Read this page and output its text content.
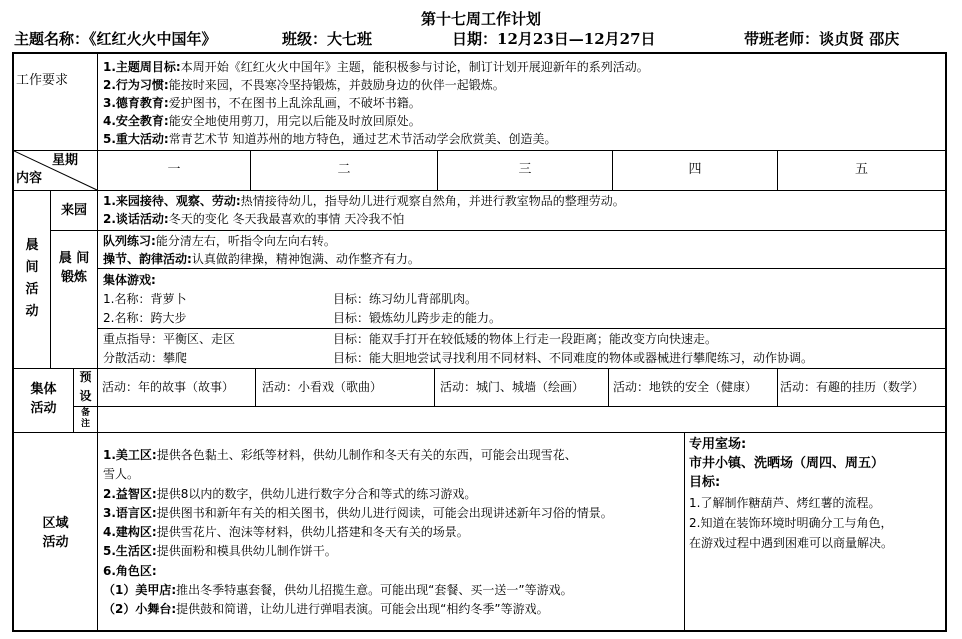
第十七周工作计划
主题名称：《红红火火中国年》	班级：大七班	日期：12月23日—12月27日	带班老师：谈贞贤 邵庆
工作要求
1.主题周目标:本周开始《红红火火中国年》主题，能积极参与讨论，制订计划开展迎新年的系列活动。
2.行为习惯:能按时来园，不畏寒冷坚持锻炼，并鼓励身边的伙伴一起锻炼。
3.德育教育:爱护图书，不在图书上乱涂乱画，不破坏书籍。
4.安全教育:能安全地使用剪刀，用完以后能及时放回原处。
5.重大活动:常青艺术节 知道苏州的地方特色，通过艺术节活动学会欣赏美、创造美。
星期
内容
一	二	三	四	五
晨
间
活
动
来园
1.来园接待、观察、劳动:热情接待幼儿，指导幼儿进行观察自然角，并进行教室物品的整理劳动。
2.谈话活动:冬天的变化 冬天我最喜欢的事情 天冷我不怕
晨 间
锻炼
队列练习:能分清左右，听指令向左向右转。
操节、韵律活动:认真做韵律操，精神饱满、动作整齐有力。
集体游戏:
1.名称：背萝卜	目标：练习幼儿背部肌肉。
2.名称：跨大步	目标：锻炼幼儿跨步走的能力。
重点指导：平衡区、走区	目标：能双手打开在较低矮的物体上行走一段距离；能改变方向快速走。
分散活动：攀爬	目标：能大胆地尝试寻找利用不同材料、不同难度的物体或器械进行攀爬练习，动作协调。
集体
活动
预
设
备
注
活动：年的故事（故事） 活动：小看戏（歌曲）	活动：城门、城墙（绘画） 活动：地铁的安全（健康） 活动：有趣的挂历（数学）
区域
活动
1.美工区:提供各色黏土、彩纸等材料，供幼儿制作和冬天有关的东西，可能会出现雪花、
雪人。
2.益智区:提供8以内的数字，供幼儿进行数字分合和等式的练习游戏。
3.语言区:提供图书和新年有关的相关图书，供幼儿进行阅读，可能会出现讲述新年习俗的情景。
4.建构区:提供雪花片、泡沫等材料，供幼儿搭建和冬天有关的场景。
5.生活区:提供面粉和模具供幼儿制作饼干。
6.角色区:
（1）美甲店:推出冬季特惠套餐，供幼儿招揽生意。可能出现“套餐、买一送一”等游戏。
（2）小舞台:提供鼓和简谱，让幼儿进行弹唱表演。可能会出现“相约冬季”等游戏。
专用室场:
市井小镇、洗晒场（周四、周五）
目标:
1.了解制作糖葫芦、烤红薯的流程。
2.知道在装饰环境时明确分工与角色，
在游戏过程中遇到困难可以商量解决。
